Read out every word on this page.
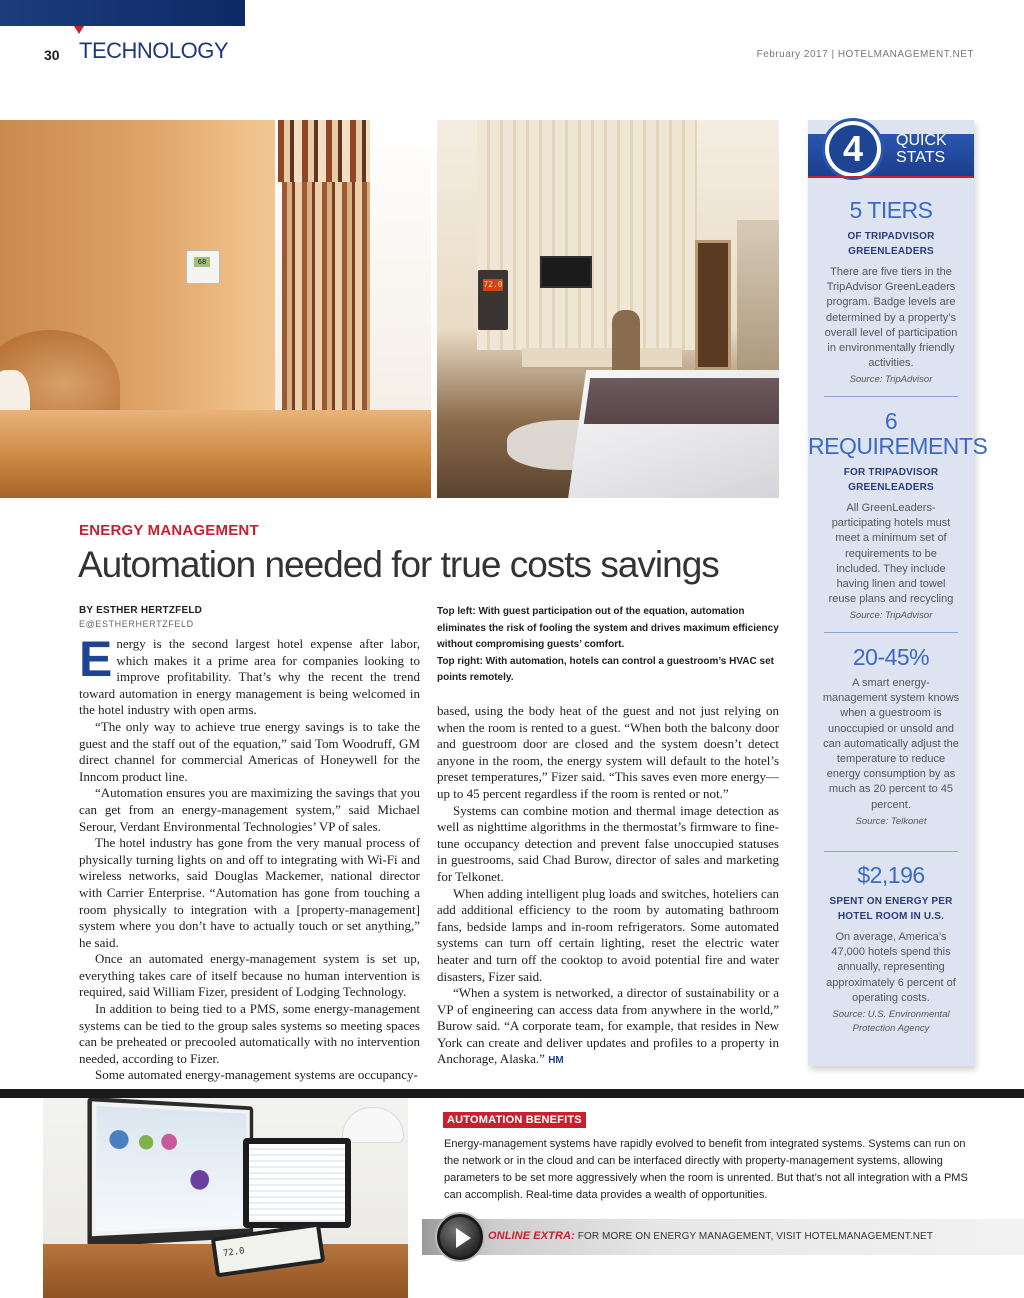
30 TECHNOLOGY	February 2017 | HOTELMANAGEMENT.NET
68
72.0
4	QUICK
STATS
5 TIERS
OF TRIPADVISOR
GREENLEADERS
There are five tiers in the TripAdvisor GreenLeaders program. Badge levels are determined by a property’s overall level of participation in environmentally friendly activities.
Source: TripAdvisor
6
REQUIREMENTS
FOR TRIPADVISOR
GREENLEADERS
All GreenLeaders-participating hotels must meet a minimum set of requirements to be included. They include having linen and towel reuse plans and recycling
Source: TripAdvisor
20-45%
A smart energy-management system knows when a guestroom is unoccupied or unsold and can automatically adjust the temperature to reduce energy consumption by as much as 20 percent to 45 percent.
Source: Telkonet
$2,196
SPENT ON ENERGY PER
HOTEL ROOM IN U.S.
On average, America’s 47,000 hotels spend this annually, representing approximately 6 percent of operating costs.
Source: U.S. Environmental
Protection Agency
ENERGY MANAGEMENT
Automation needed for true costs savings
BY ESTHER HERTZFELD
E@ESTHERHERTZFELD
Top left: With guest participation out of the equation, automation eliminates the risk of fooling the system and drives maximum efficiency without compromising guests’ comfort.
Top right: With automation, hotels can control a guestroom’s HVAC set points remotely.

Energy is the second largest hotel expense after labor, which makes it a prime area for companies looking to improve profitability. That’s why the recent the trend toward automation in energy management is being welcomed in the hotel industry with open arms.

“The only way to achieve true energy savings is to take the guest and the staff out of the equation,” said Tom Woodruff, GM direct channel for commercial Americas of Honeywell for the Inncom product line.

“Automation ensures you are maximizing the savings that you can get from an energy-management system,” said Michael Serour, Verdant Environmental Technologies’ VP of sales.

The hotel industry has gone from the very manual process of physically turning lights on and off to integrating with Wi-Fi and wireless networks, said Douglas Mackemer, national director with Carrier Enterprise. “Automation has gone from touching a room physically to integration with a [property-management] system where you don’t have to actually touch or set anything,” he said.

Once an automated energy-management system is set up, everything takes care of itself because no human intervention is required, said William Fizer, president of Lodging Technology.

In addition to being tied to a PMS, some energy-management systems can be tied to the group sales systems so meeting spaces can be preheated or precooled automatically with no intervention needed, according to Fizer.

Some automated energy-management systems are occupancy-

based, using the body heat of the guest and not just relying on when the room is rented to a guest. “When both the balcony door and guestroom door are closed and the system doesn’t detect anyone in the room, the energy system will default to the hotel’s preset temperatures,” Fizer said. “This saves even more energy—up to 45 percent regardless if the room is rented or not.”

Systems can combine motion and thermal image detection as well as nighttime algorithms in the thermostat’s firmware to fine-tune occupancy detection and prevent false unoccupied statuses in guestrooms, said Chad Burow, director of sales and marketing for Telkonet.

When adding intelligent plug loads and switches, hoteliers can add additional efficiency to the room by automating bathroom fans, bedside lamps and in-room refrigerators. Some automated systems can turn off certain lighting, reset the electric water heater and turn off the cooktop to avoid potential fire and water disasters, Fizer said.

“When a system is networked, a director of sustainability or a VP of engineering can access data from anywhere in the world,” Burow said. “A corporate team, for example, that resides in New York can create and deliver updates and profiles to a property in Anchorage, Alaska.” HM

72.0
AUTOMATION BENEFITS
Energy-management systems have rapidly evolved to benefit from integrated systems. Systems can run on the network or in the cloud and can be interfaced directly with property-management systems, allowing parameters to be set more aggressively when the room is unrented. But that’s not all integration with a PMS can accomplish. Real-time data provides a wealth of opportunities.
ONLINE EXTRA: FOR MORE ON ENERGY MANAGEMENT, VISIT HOTELMANAGEMENT.NET
